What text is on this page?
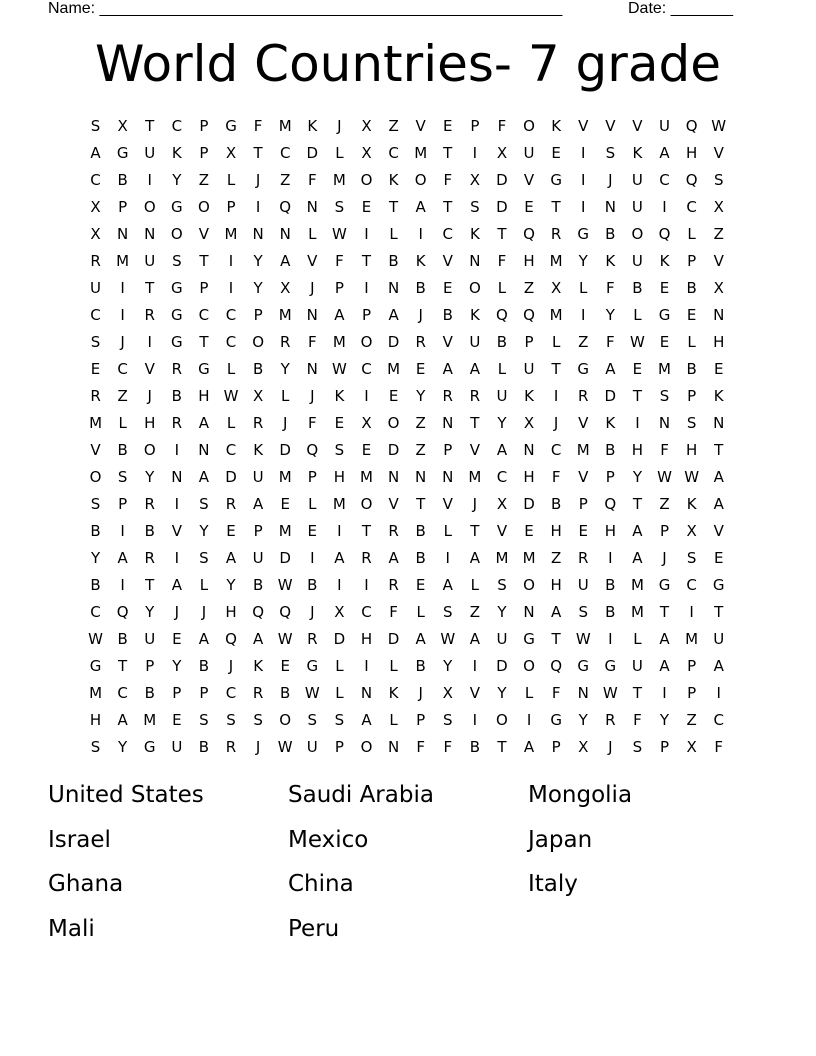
Name: ____________________________________________________	Date: _______
World Countries- 7 grade
S	X	T	C	P	G	F	M	K	J	X	Z	V	E	P	F	O	K	V	V	V	U	Q W
A	G	U	K	P	X	T	C	D	L	X	C	M	T	I	X	U	E	I	S	K	A	H	V
C	B	I	Y	Z	L	J	Z	F	M O	K	O	F	X	D	V	G	I	J	U	C	Q	S
X	P	O	G	O	P	I	Q	N	S	E	T	A	T	S	D	E	T	I	N	U	I	C	X
X	N	N	O	V	M	N	N	L	W	I	L	I	C	K	T	Q	R	G	B	O	Q	L	Z
R	M	U	S	T	I	Y	A	V	F	T	B	K	V	N	F	H M	Y	K	U	K	P	V
U	I	T	G	P	I	Y	X	J	P	I	N	B	E	O	L	Z	X	L	F	B	E	B	X
C	I	R	G	C	C	P	M	N	A	P	A	J	B	K	Q	Q M	I	Y	L	G	E	N
S	J	I	G	T	C	O	R	F	M O	D	R	V	U	B	P	L	Z	F	W E	L	H
E	C	V	R	G	L	B	Y	N W C	M	E	A	A	L	U	T	G	A	E	M	B	E
R	Z	J	B	H W X	L	J	K	I	E	Y	R	R	U	K	I	R	D	T	S	P	K
M	L	H	R	A	L	R	J	F	E	X	O	Z	N	T	Y	X	J	V	K	I	N	S	N
V	B	O	I	N	C	K	D	Q	S	E	D	Z	P	V	A	N	C	M	B	H	F	H	T
O	S	Y	N	A	D	U	M	P	H M	N	N	N	M	C	H	F	V	P	Y	W W A
S	P	R	I	S	R	A	E	L	M O	V	T	V	J	X	D	B	P	Q	T	Z	K	A
B	I	B	V	Y	E	P	M	E	I	T	R	B	L	T	V	E	H	E	H	A	P	X	V
Y	A	R	I	S	A	U	D	I	A	R	A	B	I	A	M M	Z	R	I	A	J	S	E
B	I	T	A	L	Y	B W B	I	I	R	E	A	L	S	O	H	U	B	M G	C	G
C	Q	Y	J	J	H	Q	Q	J	X	C	F	L	S	Z	Y	N	A	S	B	M	T	I	T
W B	U	E	A	Q	A W R	D	H	D	A W A	U	G	T	W	I	L	A	M	U
G	T	P	Y	B	J	K	E	G	L	I	L	B	Y	I	D	O	Q	G	G	U	A	P	A
M	C	B	P	P	C	R	B W	L	N	K	J	X	V	Y	L	F	N W	T	I	P	I
H	A	M	E	S	S	S	O	S	S	A	L	P	S	I	O	I	G	Y	R	F	Y	Z	C
S	Y	G	U	B	R	J	W U	P	O	N	F	F	B	T	A	P	X	J	S	P	X	F
United States	Saudi Arabia	Mongolia
Israel	Mexico	Japan
Ghana	China	Italy
Mali	Peru
